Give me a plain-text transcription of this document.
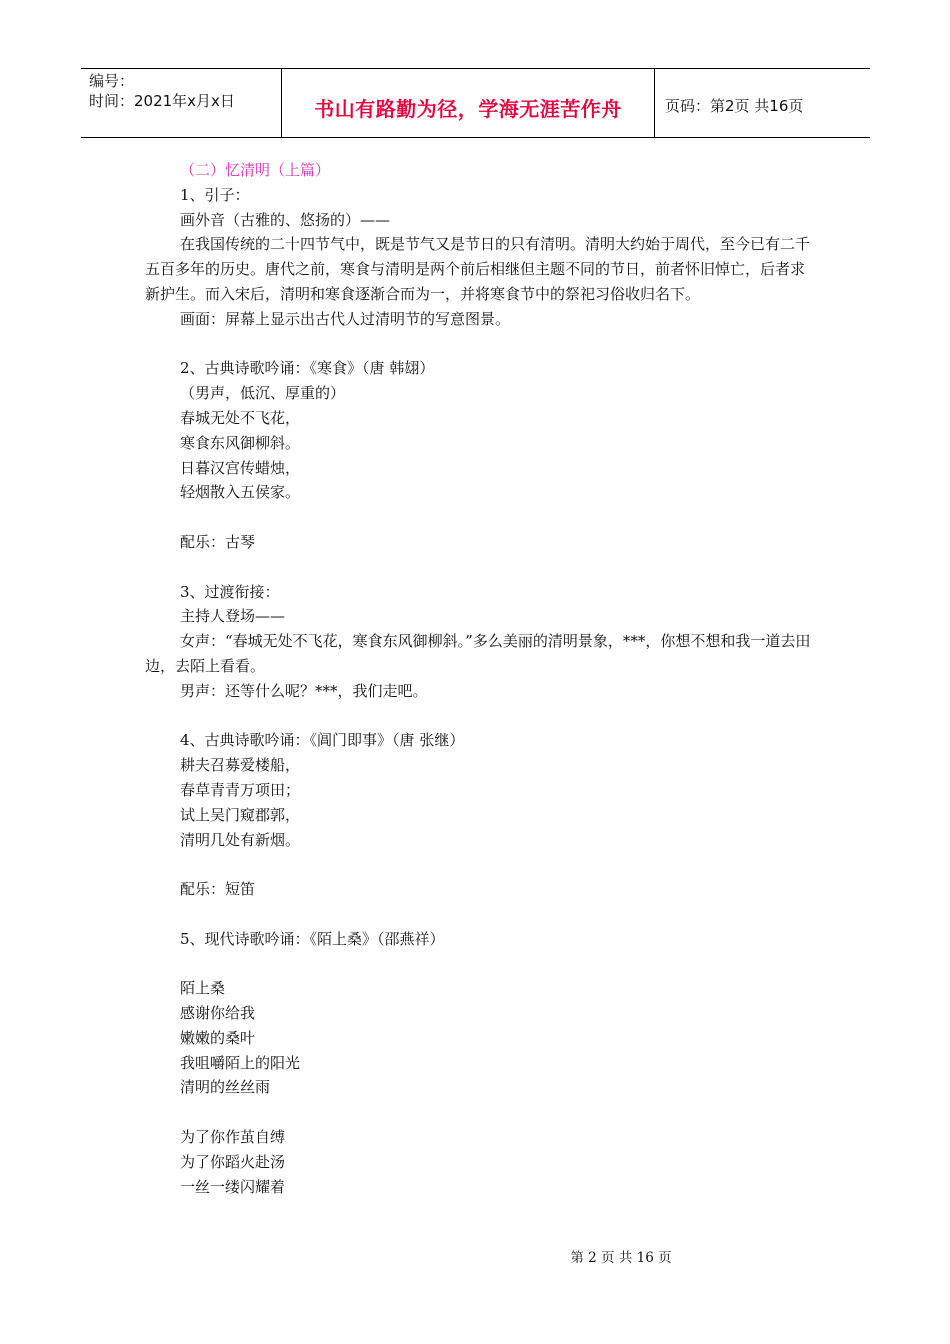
编号：
时间：2021年x月x日	书山有路勤为径，学海无涯苦作舟	页码：第2页 共16页

（二）忆清明（上篇）

1、引子：

画外音（古雅的、悠扬的）——

在我国传统的二十四节气中，既是节气又是节日的只有清明。清明大约始于周代，至今已有二千五百多年的历史。唐代之前，寒食与清明是两个前后相继但主题不同的节日，前者怀旧悼亡，后者求新护生。而入宋后，清明和寒食逐渐合而为一，并将寒食节中的祭祀习俗收归名下。

画面：屏幕上显示出古代人过清明节的写意图景。

2、古典诗歌吟诵：《寒食》（唐 韩翃）

（男声，低沉、厚重的）

春城无处不飞花，

寒食东风御柳斜。

日暮汉宫传蜡烛，

轻烟散入五侯家。

配乐：古琴

3、过渡衔接：

主持人登场——

女声：“春城无处不飞花，寒食东风御柳斜。”多么美丽的清明景象，***，你想不想和我一道去田边，去陌上看看。

男声：还等什么呢？***，我们走吧。

4、古典诗歌吟诵：《阊门即事》（唐 张继）

耕夫召募爱楼船，

春草青青万项田；

试上吴门窥郡郭，

清明几处有新烟。

配乐：短笛

5、现代诗歌吟诵：《陌上桑》（邵燕祥）

陌上桑

感谢你给我

嫩嫩的桑叶

我咀嚼陌上的阳光

清明的丝丝雨

为了你作茧自缚

为了你蹈火赴汤

一丝一缕闪耀着

第 2 页 共 16 页
